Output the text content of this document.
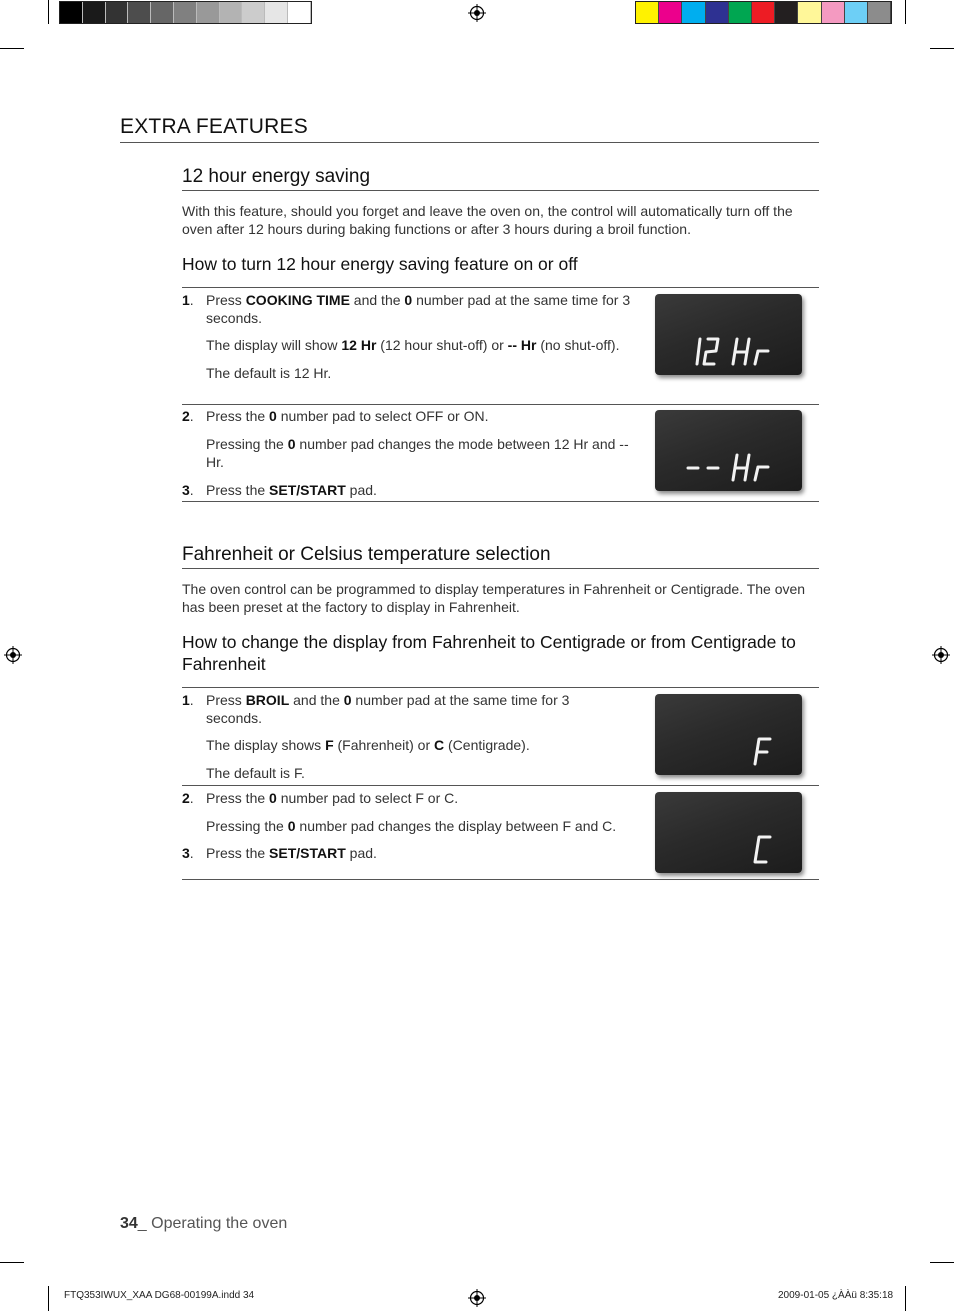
EXTRA FEATURES
12 hour energy saving
With this feature, should you forget and leave the oven on, the control will automatically turn off the oven after 12 hours during baking functions or after 3 hours during a broil function.
How to turn 12 hour energy saving feature on or off
1. Press COOKING TIME and the 0 number pad at the same time for 3 seconds.

The display will show 12 Hr (12 hour shut-off) or -- Hr (no shut-off).

The default is 12 Hr.

2. Press the 0 number pad to select OFF or ON.

Pressing the 0 number pad changes the mode between 12 Hr and -- Hr.

3. Press the SET/START pad.

Fahrenheit or Celsius temperature selection
The oven control can be programmed to display temperatures in Fahrenheit or Centigrade. The oven has been preset at the factory to display in Fahrenheit.
How to change the display from Fahrenheit to Centigrade or from Centigrade to Fahrenheit
1. Press BROIL and the 0 number pad at the same time for 3 seconds.

The display shows F (Fahrenheit) or C (Centigrade).

The default is F.

2. Press the 0 number pad to select F or C.

Pressing the 0 number pad changes the display between F and C.

3. Press the SET/START pad.

34_ Operating the oven
FTQ353IWUX_XAA DG68-00199A.indd 34	2009-01-05 ¿ÀÀü 8:35:18
